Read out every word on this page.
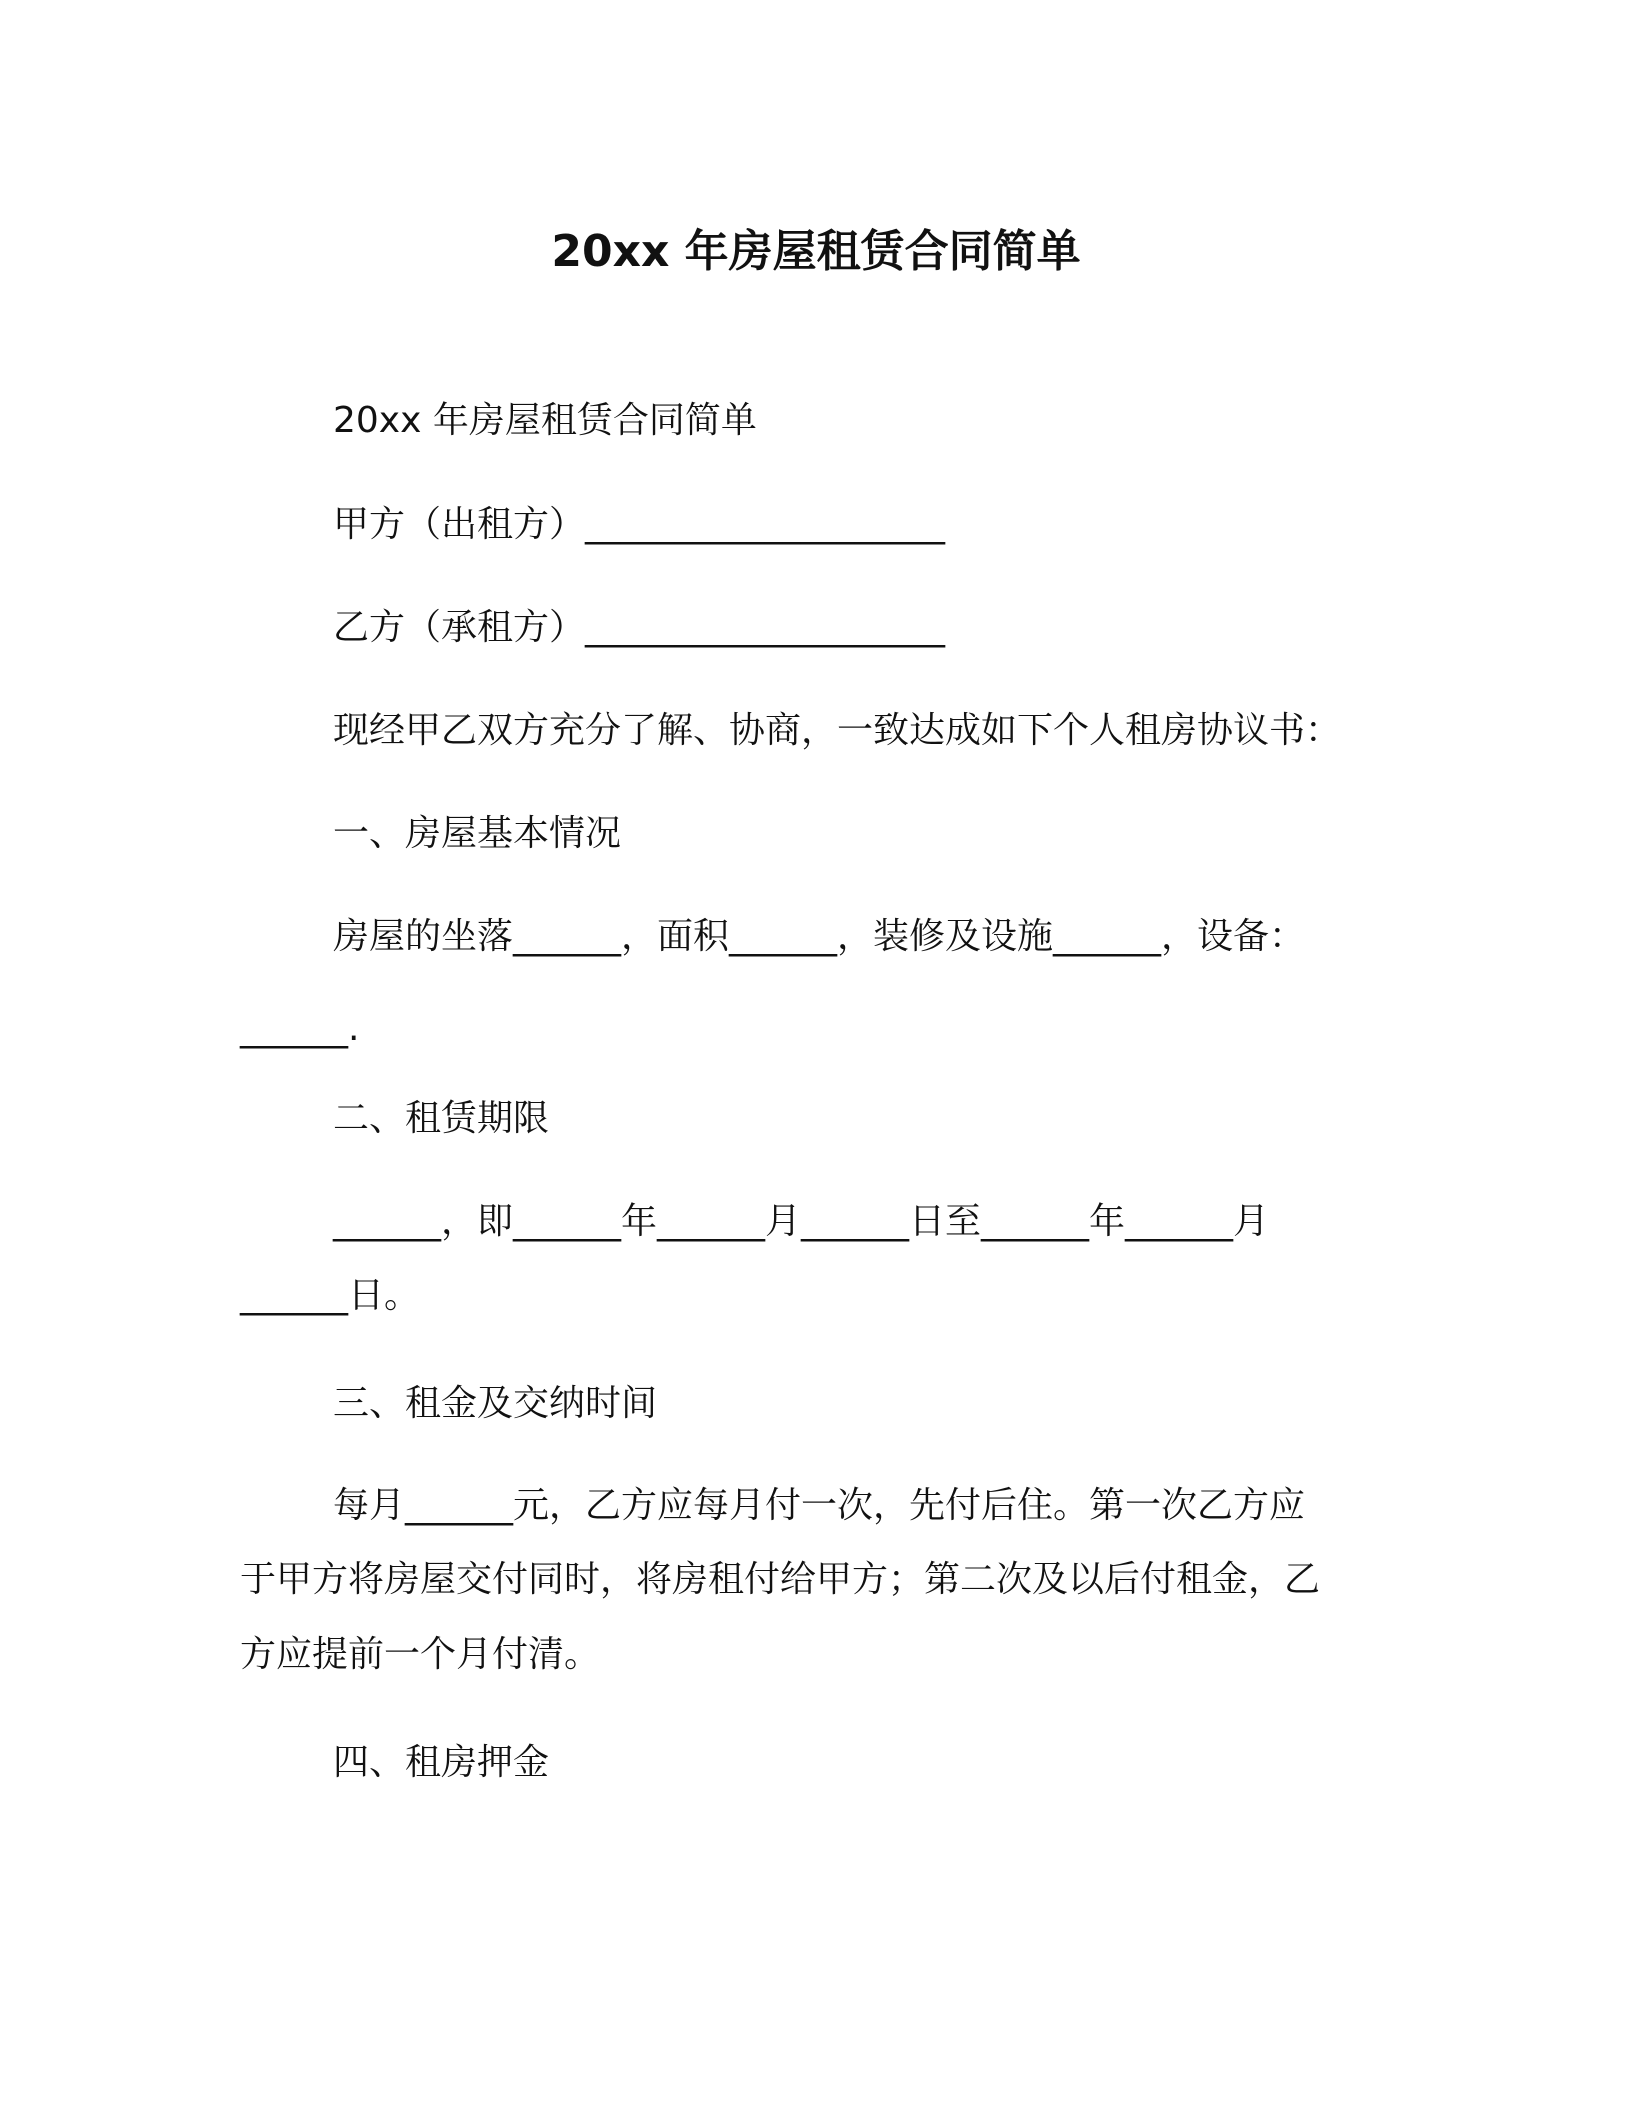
20xx 年房屋租赁合同简单
20xx 年房屋租赁合同简单
甲方（出租方）____________________
乙方（承租方）____________________
现经甲乙双方充分了解、协商，一致达成如下个人租房协议书：
一、房屋基本情况
房屋的坐落______，面积______，装修及设施______，设备：
______.
二、租赁期限
______，即______年______月______日至______年______月
______日。
三、租金及交纳时间
每月______元，乙方应每月付一次，先付后住。第一次乙方应
于甲方将房屋交付同时，将房租付给甲方；第二次及以后付租金，乙
方应提前一个月付清。
四、租房押金
